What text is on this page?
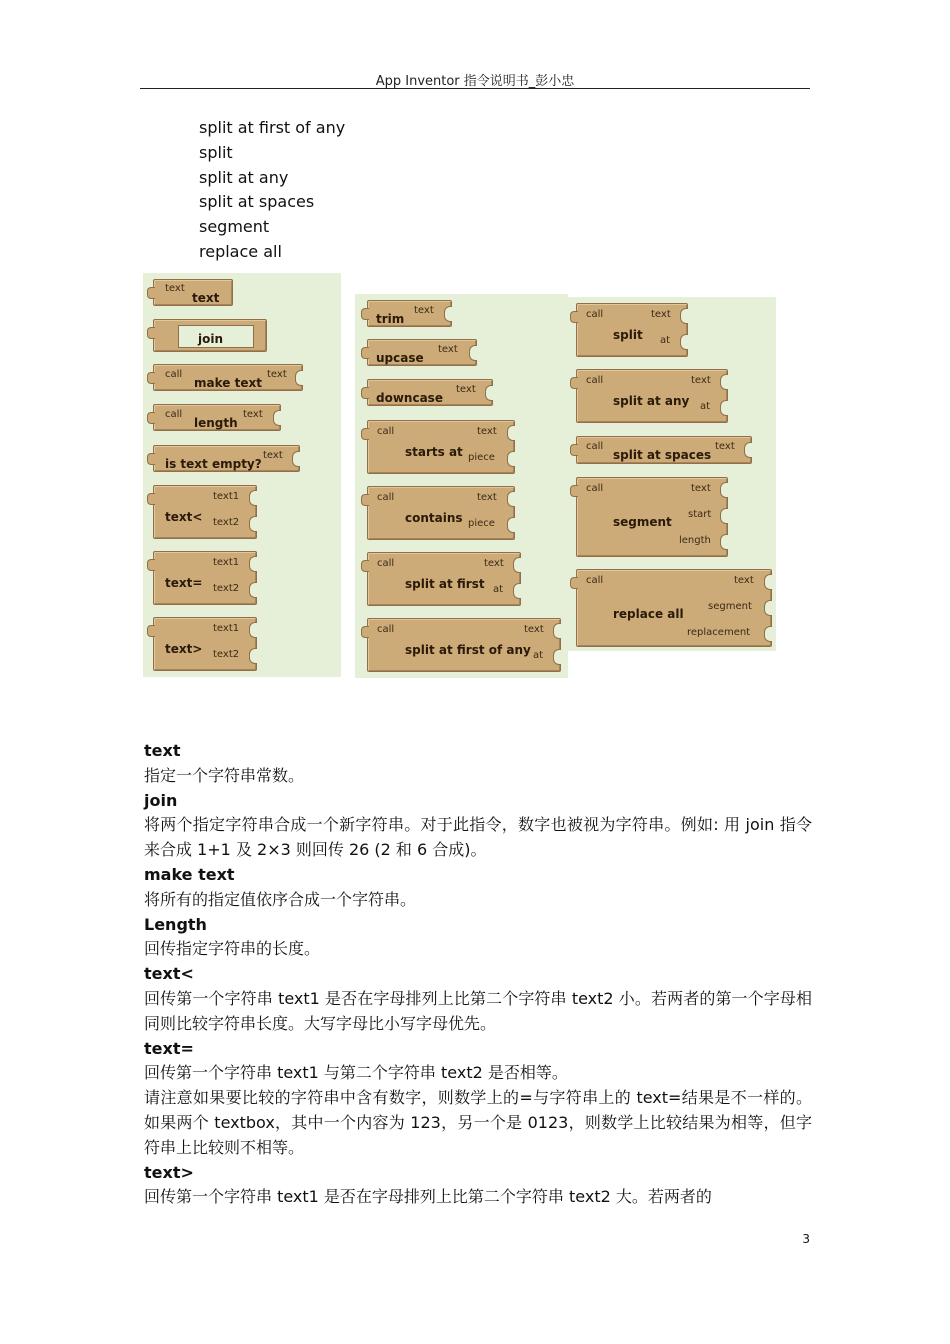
App Inventor 指令说明书_彭小忠
split at first of any
split
split at any
split at spaces
segment
replace all
text
text
join
call
make text
text
call
length
text
is text empty?
text
text<
text1
text2
text=
text1
text2
text>
text1
text2
trim
text
upcase
text
downcase
text
call
starts at
text
piece
call
contains
text
piece
call
split at first
text
at
call
split at first of any
text
at
call
split
text
at
call
split at any
text
at
call
split at spaces
text
call
segment
text
start
length
call
replace all
text
segment
replacement
text

指定一个字符串常数。

join

将两个指定字符串合成一个新字符串。对于此指令，数字也被视为字符串。例如: 用 join 指令来合成 1+1 及 2×3 则回传 26 (2 和 6 合成)。

make text

将所有的指定值依序合成一个字符串。

Length

回传指定字符串的长度。

text<

回传第一个字符串 text1 是否在字母排列上比第二个字符串 text2 小。若两者的第一个字母相同则比较字符串长度。大写字母比小写字母优先。

text=

回传第一个字符串 text1 与第二个字符串 text2 是否相等。

请注意如果要比较的字符串中含有数字，则数学上的=与字符串上的 text=结果是不一样的。如果两个 textbox，其中一个内容为 123，另一个是 0123，则数学上比较结果为相等，但字符串上比较则不相等。

text>

回传第一个字符串 text1 是否在字母排列上比第二个字符串 text2 大。若两者的

3
